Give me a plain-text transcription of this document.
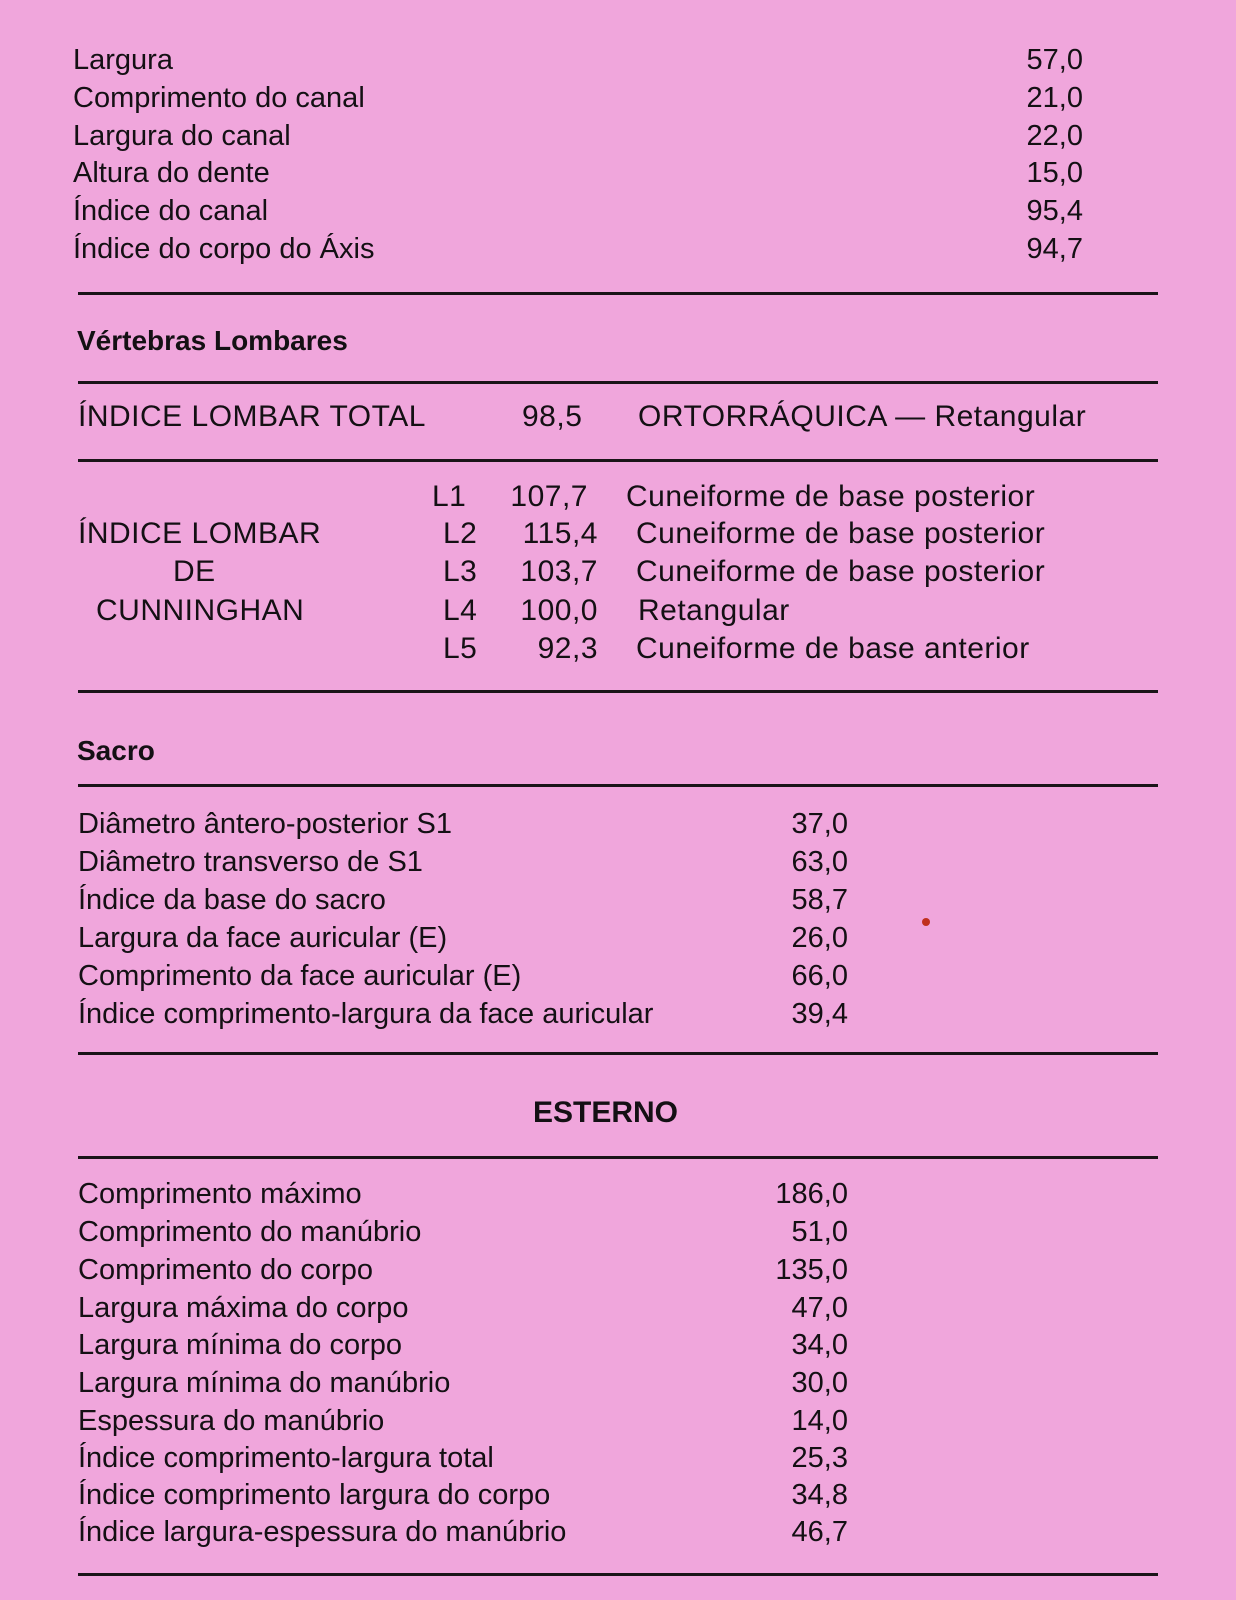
Largura	57,0
Comprimento do canal	21,0
Largura do canal	22,0
Altura do dente	15,0
Índice do canal	95,4
Índice do corpo do Áxis	94,7
Vértebras Lombares
ÍNDICE LOMBAR TOTAL	98,5 ORTORRÁQUICA — Retangular
ÍNDICE LOMBAR
DE
CUNNINGHAN
L1 107,7 Cuneiforme de base posterior
L2	115,4 Cuneiforme de base posterior
L3 103,7 Cuneiforme de base posterior
L4 100,0 Retangular
L5	92,3 Cuneiforme de base anterior
Sacro
Diâmetro ântero-posterior S1	37,0
Diâmetro transverso de S1	63,0
Índice da base do sacro	58,7
Largura da face auricular (E)	26,0
Comprimento da face auricular (E)	66,0
Índice comprimento-largura da face auricular	39,4
ESTERNO
Comprimento máximo	186,0
Comprimento do manúbrio	51,0
Comprimento do corpo	135,0
Largura máxima do corpo	47,0
Largura mínima do corpo	34,0
Largura mínima do manúbrio	30,0
Espessura do manúbrio	14,0
Índice comprimento-largura total	25,3
Índice comprimento largura do corpo	34,8
Índice largura-espessura do manúbrio	46,7
